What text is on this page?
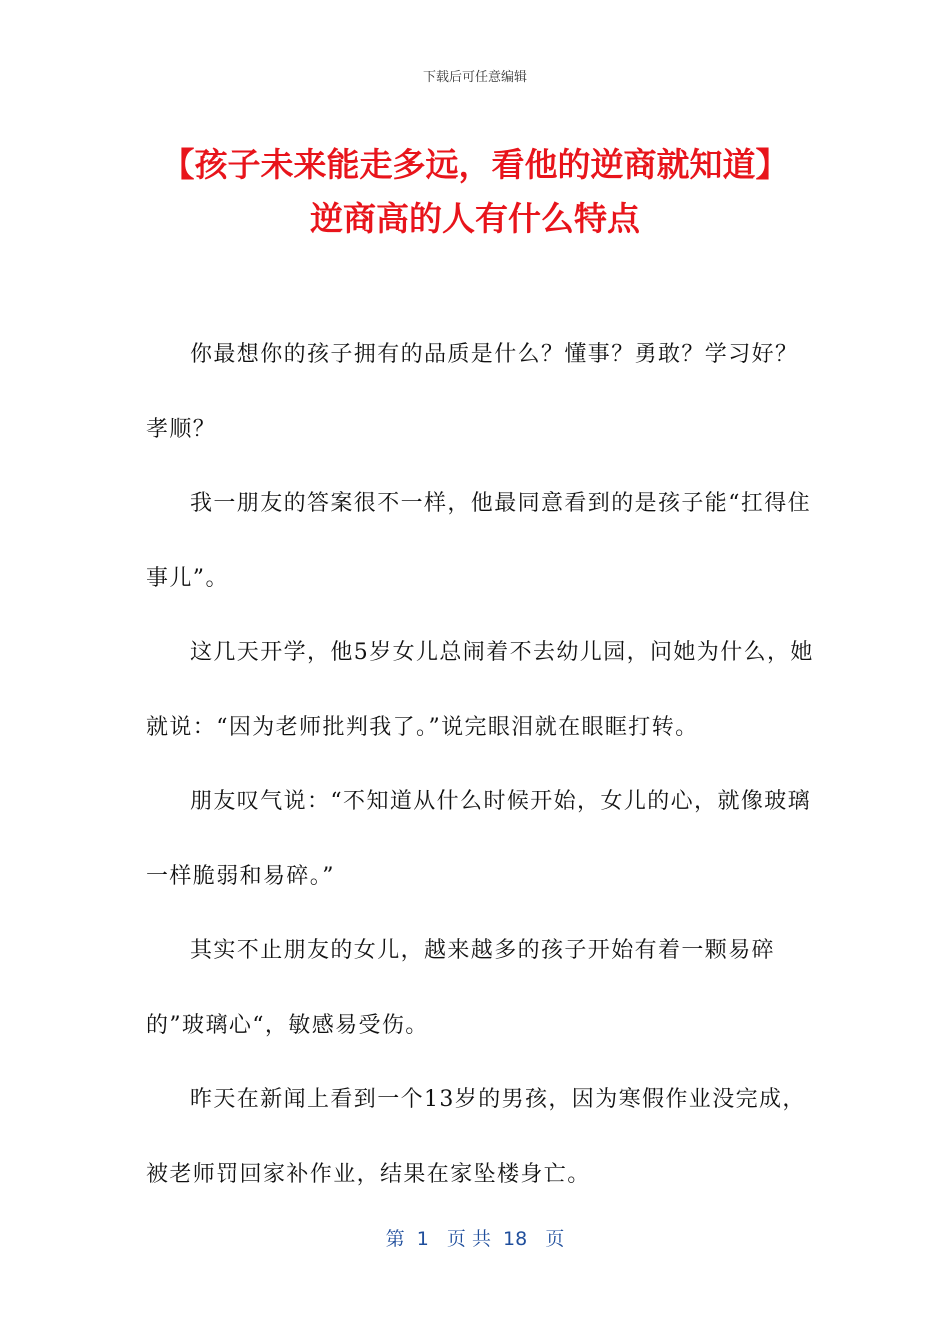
下载后可任意编辑
【孩子未来能走多远，看他的逆商就知道】
逆商高的人有什么特点

你最想你的孩子拥有的品质是什么？懂事？勇敢？学习好？孝顺？

我一朋友的答案很不一样，他最同意看到的是孩子能“扛得住事儿”。

这几天开学，他5岁女儿总闹着不去幼儿园，问她为什么，她就说：“因为老师批判我了。”说完眼泪就在眼眶打转。

朋友叹气说：“不知道从什么时候开始，女儿的心，就像玻璃一样脆弱和易碎。”

其实不止朋友的女儿，越来越多的孩子开始有着一颗易碎的”玻璃心“，敏感易受伤。

昨天在新闻上看到一个13岁的男孩，因为寒假作业没完成，被老师罚回家补作业，结果在家坠楼身亡。

第  1   页 共  18   页
